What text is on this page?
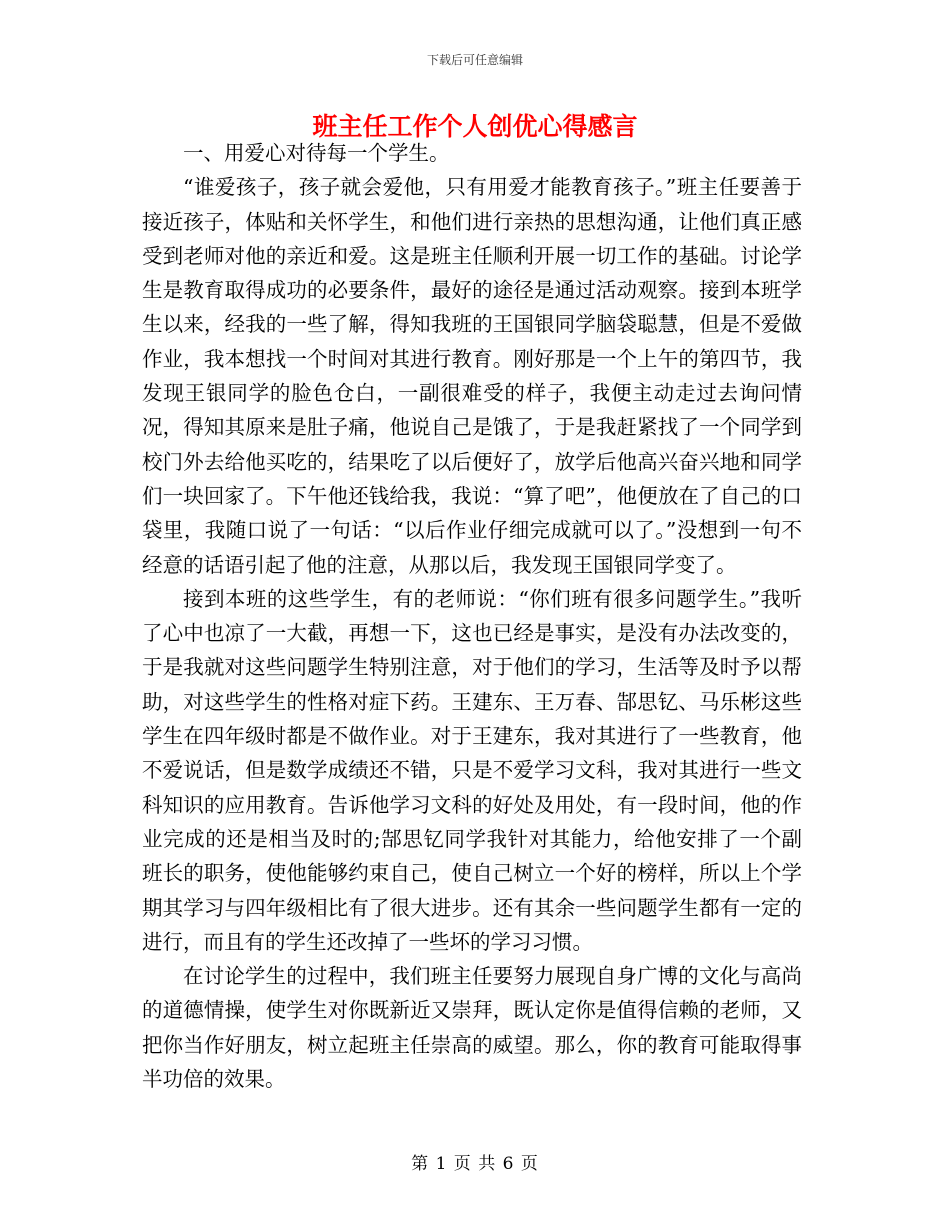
下载后可任意编辑
班主任工作个人创优心得感言

一、用爱心对待每一个学生。

“谁爱孩子，孩子就会爱他，只有用爱才能教育孩子。”班主任要善于接近孩子，体贴和关怀学生，和他们进行亲热的思想沟通，让他们真正感受到老师对他的亲近和爱。这是班主任顺利开展一切工作的基础。讨论学生是教育取得成功的必要条件，最好的途径是通过活动观察。接到本班学生以来，经我的一些了解，得知我班的王国银同学脑袋聪慧，但是不爱做作业，我本想找一个时间对其进行教育。刚好那是一个上午的第四节，我发现王银同学的脸色仓白，一副很难受的样子，我便主动走过去询问情况，得知其原来是肚子痛，他说自己是饿了，于是我赶紧找了一个同学到校门外去给他买吃的，结果吃了以后便好了，放学后他高兴奋兴地和同学们一块回家了。下午他还钱给我，我说：“算了吧”，他便放在了自己的口袋里，我随口说了一句话：“以后作业仔细完成就可以了。”没想到一句不经意的话语引起了他的注意，从那以后，我发现王国银同学变了。

接到本班的这些学生，有的老师说：“你们班有很多问题学生。”我听了心中也凉了一大截，再想一下，这也已经是事实，是没有办法改变的，于是我就对这些问题学生特别注意，对于他们的学习，生活等及时予以帮助，对这些学生的性格对症下药。王建东、王万春、郜思钇、马乐彬这些学生在四年级时都是不做作业。对于王建东，我对其进行了一些教育，他不爱说话，但是数学成绩还不错，只是不爱学习文科，我对其进行一些文科知识的应用教育。告诉他学习文科的好处及用处，有一段时间，他的作业完成的还是相当及时的;郜思钇同学我针对其能力，给他安排了一个副班长的职务，使他能够约束自己，使自己树立一个好的榜样，所以上个学期其学习与四年级相比有了很大进步。还有其余一些问题学生都有一定的进行，而且有的学生还改掉了一些坏的学习习惯。

在讨论学生的过程中，我们班主任要努力展现自身广博的文化与高尚的道德情操，使学生对你既新近又崇拜，既认定你是值得信赖的老师，又把你当作好朋友，树立起班主任崇高的威望。那么，你的教育可能取得事半功倍的效果。

第 1 页 共 6 页
